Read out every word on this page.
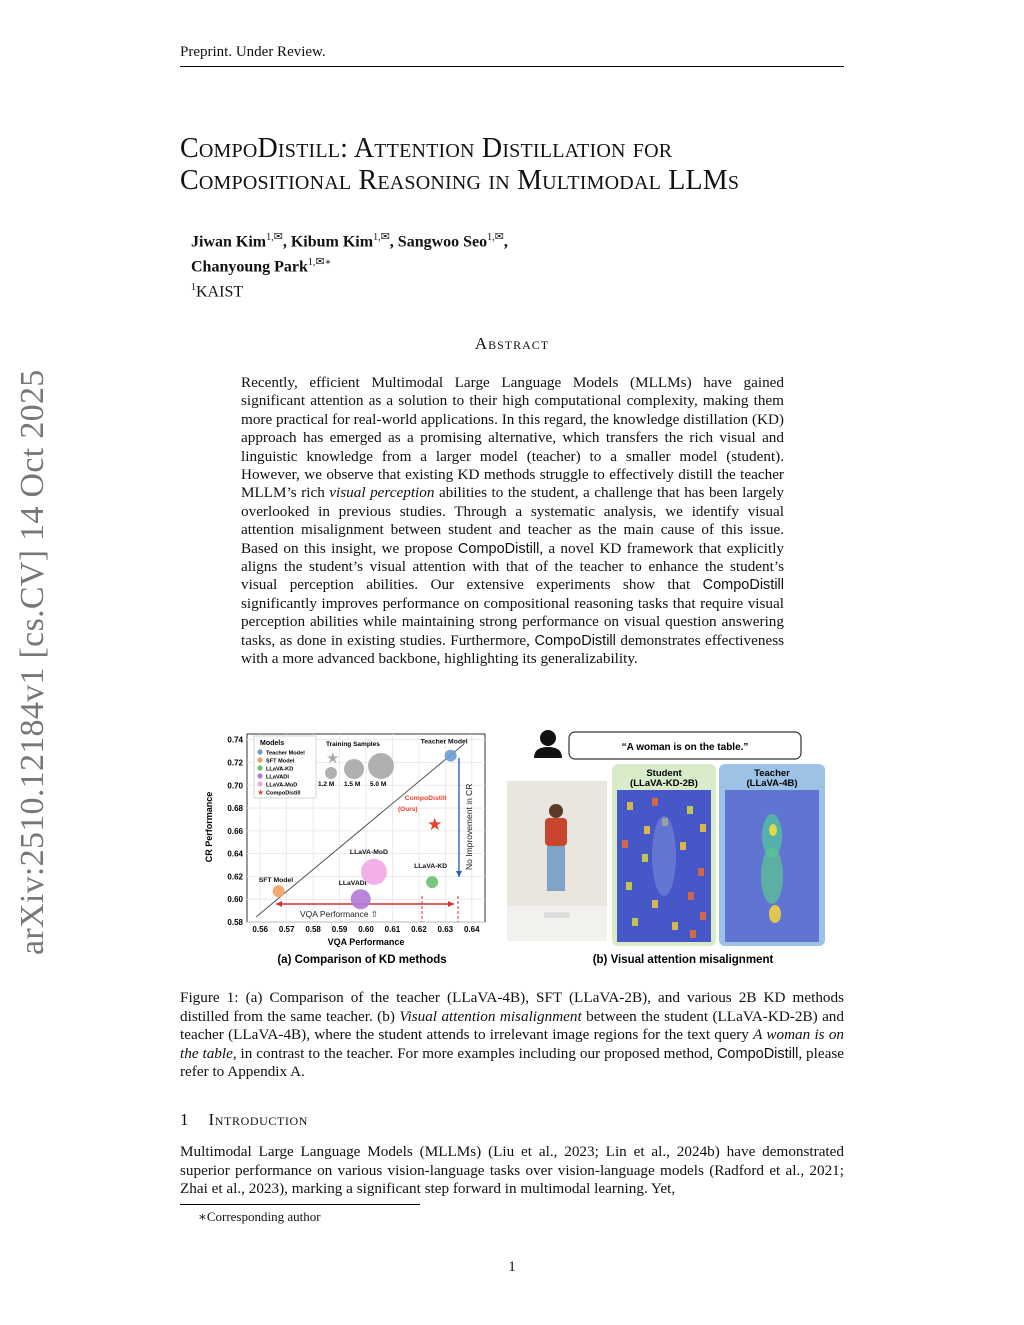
Preprint. Under Review.
arXiv:2510.12184v1 [cs.CV] 14 Oct 2025
CompoDistill: Attention Distillation for
Compositional Reasoning in Multimodal LLMs
Jiwan Kim$^{1,✉}$, Kibum Kim$^{1,✉}$, Sangwoo Seo$^{1,✉}$,
Chanyoung Park$^{1,✉∗}$
$^1$KAIST
Abstract
Recently, efficient Multimodal Large Language Models (MLLMs) have gained significant attention as a solution to their high computational complexity, making them more practical for real-world applications. In this regard, the knowledge distillation (KD) approach has emerged as a promising alternative, which transfers the rich visual and linguistic knowledge from a larger model (teacher) to a smaller model (student). However, we observe that existing KD methods struggle to effectively distill the teacher MLLM’s rich visual perception abilities to the student, a challenge that has been largely overlooked in previous studies. Through a systematic analysis, we identify visual attention misalignment between student and teacher as the main cause of this issue. Based on this insight, we propose CompoDistill, a novel KD framework that explicitly aligns the student’s visual attention with that of the teacher to enhance the student’s visual perception abilities. Our extensive experiments show that CompoDistill significantly improves performance on compositional reasoning tasks that require visual perception abilities while maintaining strong performance on visual question answering tasks, as done in existing studies. Furthermore, CompoDistill demonstrates effectiveness with a more advanced backbone, highlighting its generalizability.
0.56 0.57 0.58 0.59 0.60 0.61 0.62 0.63 0.64
0.58
0.60
0.62
0.64
0.66
0.68
0.70
0.72
0.74 Models
Teacher Model
SFT Model
LLaVA-KD
LLaVADI
LLaVA-MoD
★ CompoDistill
Training Samples
★
1.2 M 1.5 M 5.0 M
VQA Performance ⇧
No Improvement in CR
Teacher Model
SFT Model
LLaVA-KD
LLaVADI
LLaVA-MoD
★
CompoDistill
(Ours)
VQA Performance
CR Performance
(a) Comparison of KD methods
“A woman is on the table.”
Student
(LLaVA-KD-2B)
Teacher
(LLaVA-4B)
(b) Visual attention misalignment
Figure 1: (a) Comparison of the teacher (LLaVA-4B), SFT (LLaVA-2B), and various 2B KD methods distilled from the same teacher. (b) Visual attention misalignment between the student (LLaVA-KD-2B) and teacher (LLaVA-4B), where the student attends to irrelevant image regions for the text query A woman is on the table, in contrast to the teacher. For more examples including our proposed method, CompoDistill, please refer to Appendix A.
1 Introduction
Multimodal Large Language Models (MLLMs) (Liu et al., 2023; Lin et al., 2024b) have demonstrated superior performance on various vision-language tasks over vision-language models (Radford et al., 2021; Zhai et al., 2023), marking a significant step forward in multimodal learning. Yet,
∗Corresponding author
1
